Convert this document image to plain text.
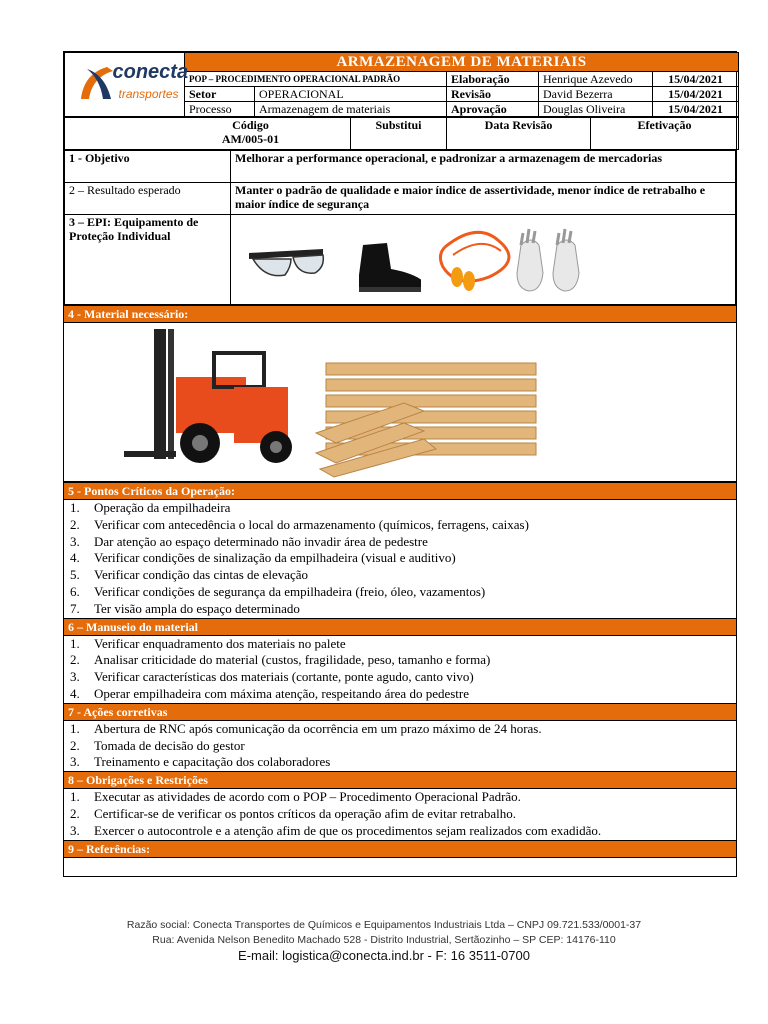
conecta
transportes	ARMAZENAGEM DE MATERIAIS				
	POP – PROCEDIMENTO OPERACIONAL PADRÃO		Elaboração	Henrique Azevedo	15/04/2021
	Setor	OPERACIONAL	Revisão	David Bezerra	15/04/2021
	Processo	Armazenagem de materiais	Aprovação	Douglas Oliveira	15/04/2021
Código
AM/005-01
	Substitui	Data Revisão	Efetivação
1 - Objetivo	Melhorar a performance operacional, e padronizar a armazenagem de mercadorias
2 – Resultado esperado	Manter o padrão de qualidade e maior índice de assertividade, menor índice de retrabalho e maior índice de segurança
3 – EPI: Equipamento de Proteção Individual	
4 - Material necessário:
5 - Pontos Críticos da Operação:
1. Operação da empilhadeira
2. Verificar com antecedência o local do armazenamento (químicos, ferragens, caixas)
3. Dar atenção ao espaço determinado não invadir área de pedestre
4. Verificar condições de sinalização da empilhadeira (visual e auditivo)
5. Verificar condição das cintas de elevação
6. Verificar condições de segurança da empilhadeira (freio, óleo, vazamentos)
7. Ter visão ampla do espaço determinado
6 – Manuseio do material
1. Verificar enquadramento dos materiais no palete
2. Analisar criticidade do material (custos, fragilidade, peso, tamanho e forma)
3. Verificar características dos materiais (cortante, ponte agudo, canto vivo)
4. Operar empilhadeira com máxima atenção, respeitando área do pedestre
7 - Ações corretivas
1. Abertura de RNC após comunicação da ocorrência em um prazo máximo de 24 horas.
2. Tomada de decisão do gestor
3. Treinamento e capacitação dos colaboradores
8 – Obrigações e Restrições
1. Executar as atividades de acordo com o POP – Procedimento Operacional Padrão.
2. Certificar-se de verificar os pontos críticos da operação afim de evitar retrabalho.
3. Exercer o autocontrole e a atenção afim de que os procedimentos sejam realizados com exadidão.
9 – Referências:
Razão social: Conecta Transportes de Químicos e Equipamentos Industriais Ltda – CNPJ 09.721.533/0001-37
Rua: Avenida Nelson Benedito Machado 528 - Distrito Industrial, Sertãozinho – SP CEP: 14176-110
E-mail: logistica@conecta.ind.br - F: 16 3511-0700
